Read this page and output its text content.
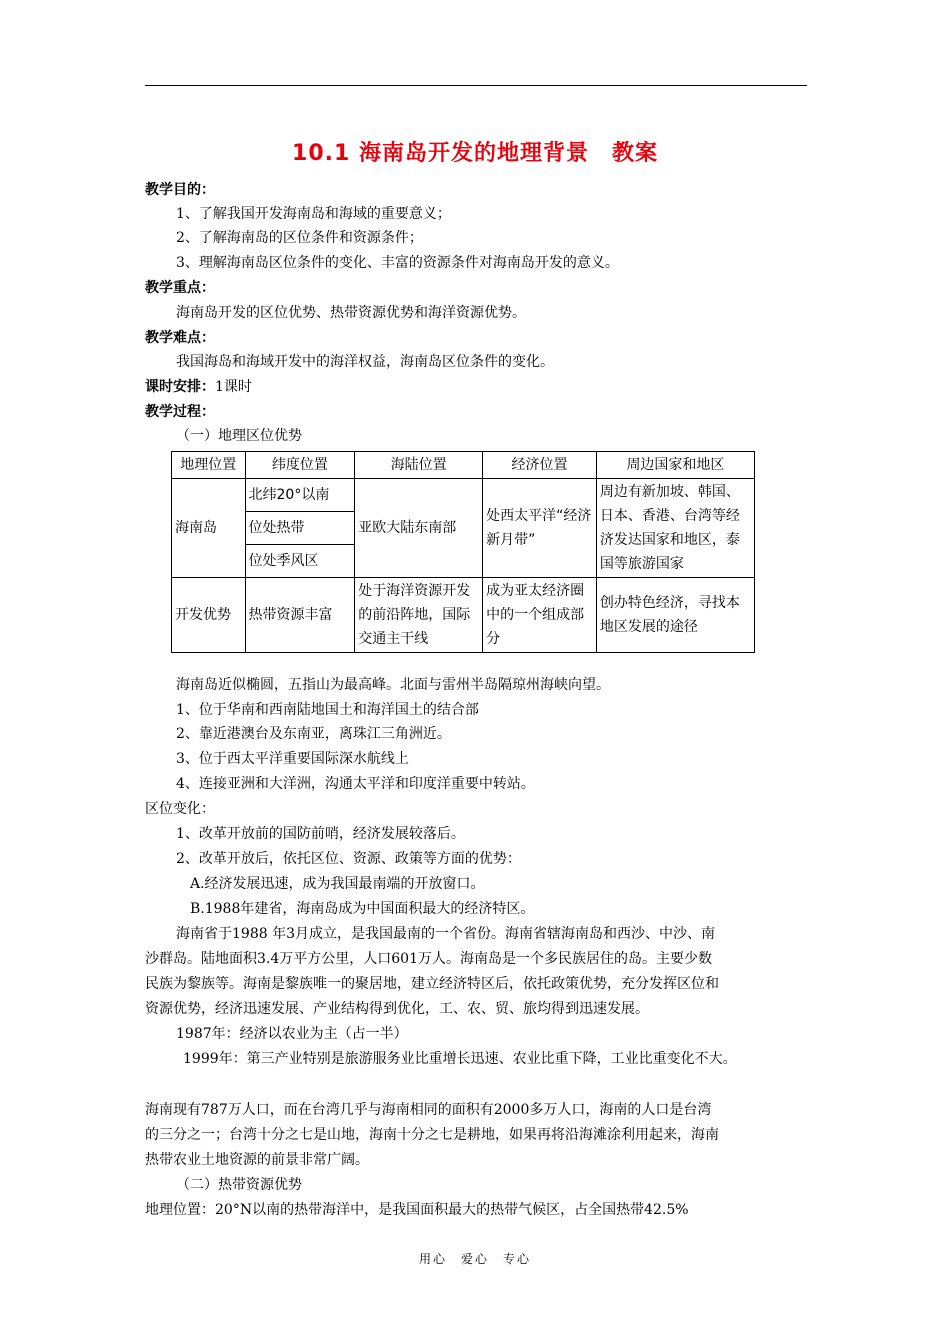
10.1 海南岛开发的地理背景　教案
教学目的：
1、了解我国开发海南岛和海域的重要意义；
2、了解海南岛的区位条件和资源条件；
3、理解海南岛区位条件的变化、丰富的资源条件对海南岛开发的意义。
教学重点：
海南岛开发的区位优势、热带资源优势和海洋资源优势。
教学难点：
我国海岛和海域开发中的海洋权益，海南岛区位条件的变化。
课时安排：1课时
教学过程：
（一）地理区位优势
地理位置	纬度位置	海陆位置	经济位置	周边国家和地区
海南岛	北纬20°以南	亚欧大陆东南部	处西太平洋“经济新月带”	周边有新加坡、韩国、日本、香港、台湾等经济发达国家和地区，泰国等旅游国家
	位处热带			
	位处季风区			
开发优势	热带资源丰富	处于海洋资源开发的前沿阵地，国际交通主干线	成为亚太经济圈中的一个组成部分	创办特色经济，寻找本地区发展的途径
海南岛近似椭圆，五指山为最高峰。北面与雷州半岛隔琼州海峡向望。
1、位于华南和西南陆地国土和海洋国土的结合部
2、靠近港澳台及东南亚，离珠江三角洲近。
3、位于西太平洋重要国际深水航线上
4、连接亚洲和大洋洲，沟通太平洋和印度洋重要中转站。
区位变化：
1、改革开放前的国防前哨，经济发展较落后。
2、改革开放后，依托区位、资源、政策等方面的优势：
A.经济发展迅速，成为我国最南端的开放窗口。
B.1988年建省，海南岛成为中国面积最大的经济特区。
海南省于1988 年3月成立，是我国最南的一个省份。海南省辖海南岛和西沙、中沙、南
沙群岛。陆地面积3.4万平方公里，人口601万人。海南岛是一个多民族居住的岛。主要少数
民族为黎族等。海南是黎族唯一的聚居地，建立经济特区后，依托政策优势，充分发挥区位和
资源优势，经济迅速发展、产业结构得到优化，工、农、贸、旅均得到迅速发展。
1987年：经济以农业为主（占一半）
1999年：第三产业特别是旅游服务业比重增长迅速、农业比重下降，工业比重变化不大。
海南现有787万人口，而在台湾几乎与海南相同的面积有2000多万人口，海南的人口是台湾
的三分之一；台湾十分之七是山地，海南十分之七是耕地，如果再将沿海滩涂利用起来，海南
热带农业土地资源的前景非常广阔。
（二）热带资源优势
地理位置：20°N以南的热带海洋中，是我国面积最大的热带气候区，占全国热带42.5%
用心　爱心　专心
